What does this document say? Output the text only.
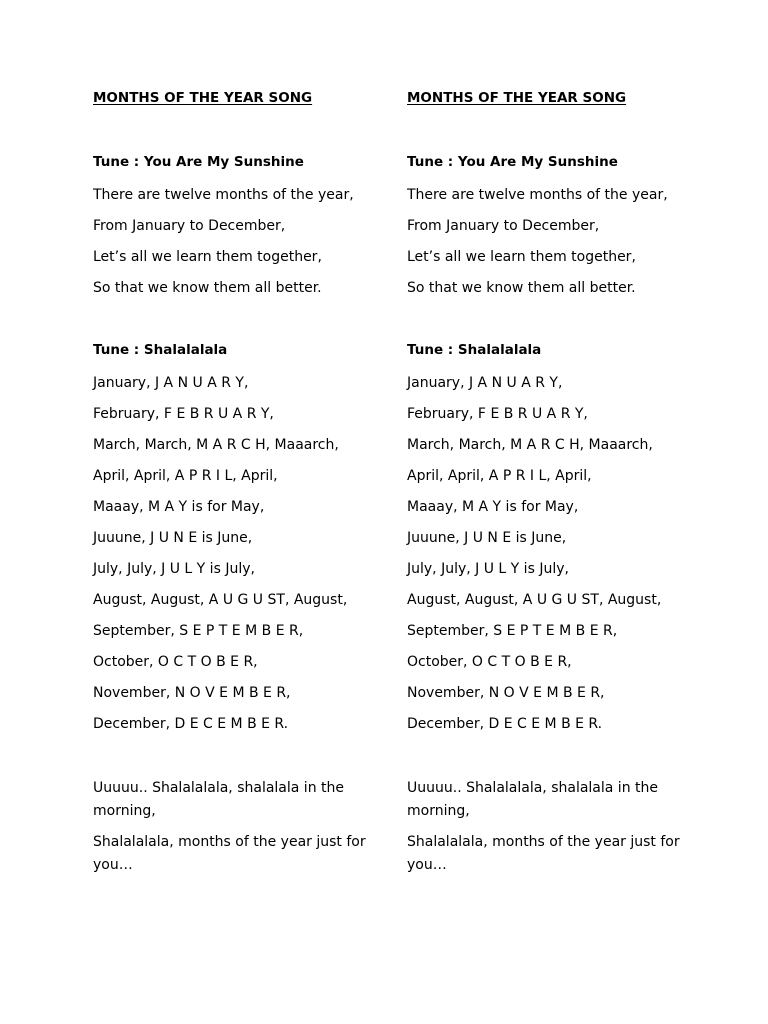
MONTHS OF THE YEAR SONG
Tune : You Are My Sunshine
There are twelve months of the year,
From January to December,
Let’s all we learn them together,
So that we know them all better.
Tune : Shalalalala
January, J A N U A R Y,
February, F E B R U A R Y,
March, March, M A R C H, Maaarch,
April, April, A P R I L, April,
Maaay, M A Y is for May,
Juuune, J U N E is June,
July, July, J U L Y is July,
August, August, A U G U ST, August,
September, S E P T E M B E R,
October, O C T O B E R,
November, N O V E M B E R,
December, D E C E M B E R.
Uuuuu.. Shalalalala, shalalala in the morning,
Shalalalala, months of the year just for you…
MONTHS OF THE YEAR SONG
Tune : You Are My Sunshine
There are twelve months of the year,
From January to December,
Let’s all we learn them together,
So that we know them all better.
Tune : Shalalalala
January, J A N U A R Y,
February, F E B R U A R Y,
March, March, M A R C H, Maaarch,
April, April, A P R I L, April,
Maaay, M A Y is for May,
Juuune, J U N E is June,
July, July, J U L Y is July,
August, August, A U G U ST, August,
September, S E P T E M B E R,
October, O C T O B E R,
November, N O V E M B E R,
December, D E C E M B E R.
Uuuuu.. Shalalalala, shalalala in the morning,
Shalalalala, months of the year just for you…
